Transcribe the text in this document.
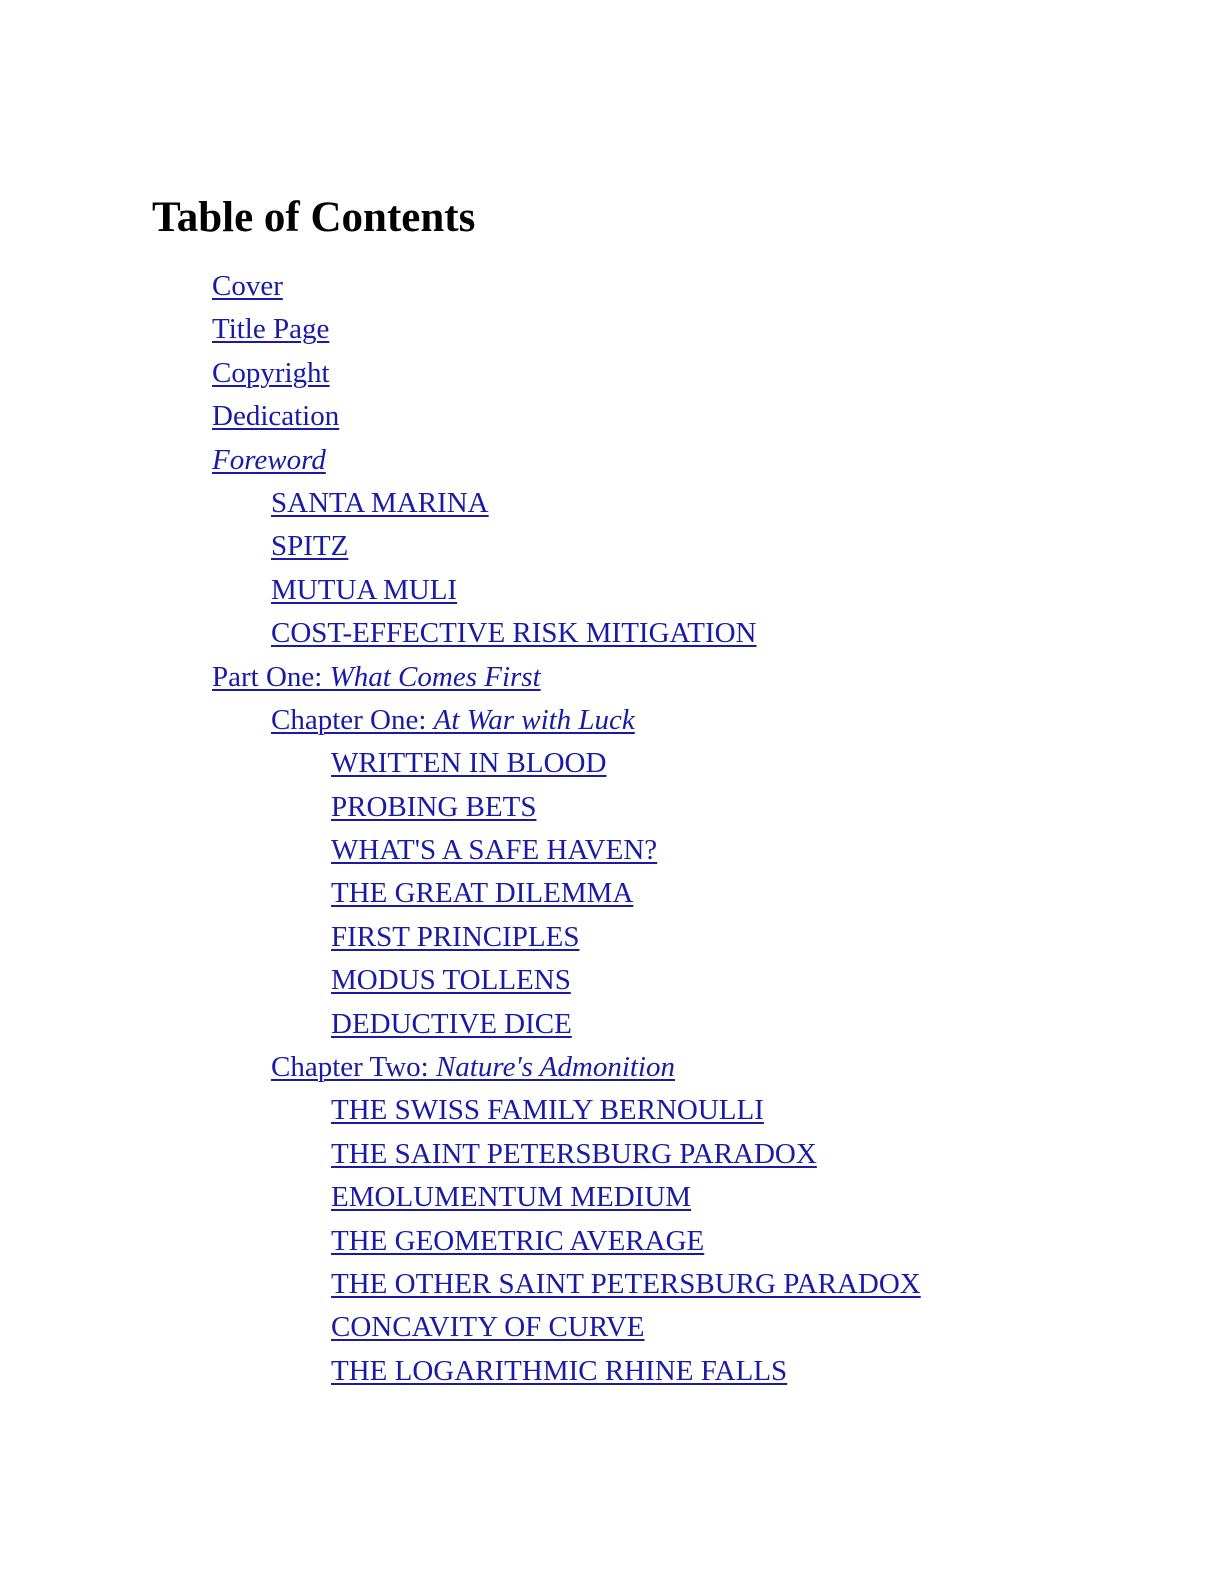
Table of Contents
Cover
Title Page
Copyright
Dedication
Foreword
SANTA MARINA
SPITZ
MUTUA MULI
COST-EFFECTIVE RISK MITIGATION
Part One: What Comes First
Chapter One: At War with Luck
WRITTEN IN BLOOD
PROBING BETS
WHAT'S A SAFE HAVEN?
THE GREAT DILEMMA
FIRST PRINCIPLES
MODUS TOLLENS
DEDUCTIVE DICE
Chapter Two: Nature's Admonition
THE SWISS FAMILY BERNOULLI
THE SAINT PETERSBURG PARADOX
EMOLUMENTUM MEDIUM
THE GEOMETRIC AVERAGE
THE OTHER SAINT PETERSBURG PARADOX
CONCAVITY OF CURVE
THE LOGARITHMIC RHINE FALLS
